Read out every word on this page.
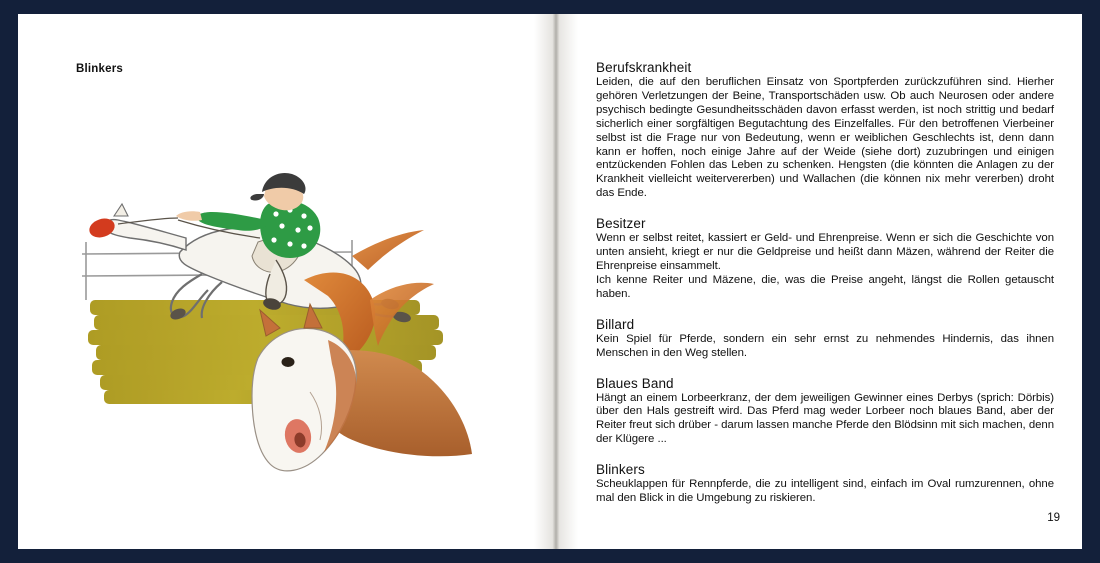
Blinkers	Berufskrankheit

Leiden, die auf den beruflichen Einsatz von Sportpferden zurückzuführen sind. Hierher gehören Verletzungen der Beine, Transportschäden usw. Ob auch Neurosen oder andere psychisch bedingte Gesundheitsschäden davon erfasst werden, ist noch strittig und bedarf sicherlich einer sorgfältigen Begutachtung des Einzelfalles. Für den betroffenen Vierbeiner selbst ist die Frage nur von Bedeutung, wenn er weiblichen Geschlechts ist, denn dann kann er hoffen, noch einige Jahre auf der Weide (siehe dort) zuzubringen und einigen entzückenden Fohlen das Leben zu schenken. Hengsten (die könnten die Anlagen zu der Krankheit vielleicht weitervererben) und Wallachen (die können nix mehr vererben) droht das Ende.

Besitzer

Wenn er selbst reitet, kassiert er Geld- und Ehrenpreise. Wenn er sich die Geschichte von unten ansieht, kriegt er nur die Geldpreise und heißt dann Mäzen, während der Reiter die Ehrenpreise einsammelt.

Ich kenne Reiter und Mäzene, die, was die Preise angeht, längst die Rollen getauscht haben.

Billard

Kein Spiel für Pferde, sondern ein sehr ernst zu nehmendes Hindernis, das ihnen Menschen in den Weg stellen.

Blaues Band

Hängt an einem Lorbeerkranz, der dem jeweiligen Gewinner eines Derbys (sprich: Dörbis) über den Hals gestreift wird. Das Pferd mag weder Lorbeer noch blaues Band, aber der Reiter freut sich drüber - darum lassen manche Pferde den Blödsinn mit sich machen, denn der Klügere ...

Blinkers

Scheuklappen für Rennpferde, die zu intelligent sind, einfach im Oval rumzurennen, ohne mal den Blick in die Umgebung zu riskieren.

19
